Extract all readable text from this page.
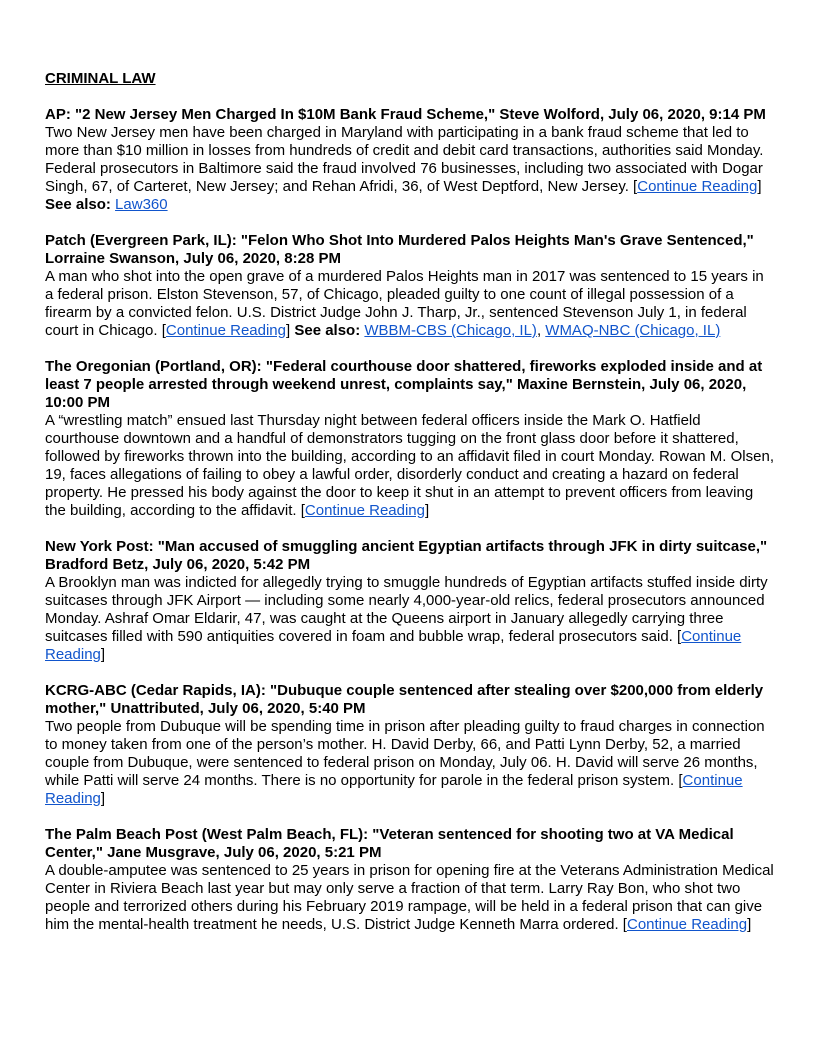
CRIMINAL LAW
AP: "2 New Jersey Men Charged In $10M Bank Fraud Scheme," Steve Wolford, July 06, 2020, 9:14 PM
Two New Jersey men have been charged in Maryland with participating in a bank fraud scheme that led to more than $10 million in losses from hundreds of credit and debit card transactions, authorities said Monday. Federal prosecutors in Baltimore said the fraud involved 76 businesses, including two associated with Dogar Singh, 67, of Carteret, New Jersey; and Rehan Afridi, 36, of West Deptford, New Jersey. [Continue Reading] See also: Law360
Patch (Evergreen Park, IL): "Felon Who Shot Into Murdered Palos Heights Man's Grave Sentenced," Lorraine Swanson, July 06, 2020, 8:28 PM
A man who shot into the open grave of a murdered Palos Heights man in 2017 was sentenced to 15 years in a federal prison. Elston Stevenson, 57, of Chicago, pleaded guilty to one count of illegal possession of a firearm by a convicted felon. U.S. District Judge John J. Tharp, Jr., sentenced Stevenson July 1, in federal court in Chicago. [Continue Reading] See also: WBBM-CBS (Chicago, IL), WMAQ-NBC (Chicago, IL)
The Oregonian (Portland, OR): "Federal courthouse door shattered, fireworks exploded inside and at least 7 people arrested through weekend unrest, complaints say," Maxine Bernstein, July 06, 2020, 10:00 PM
A “wrestling match” ensued last Thursday night between federal officers inside the Mark O. Hatfield courthouse downtown and a handful of demonstrators tugging on the front glass door before it shattered, followed by fireworks thrown into the building, according to an affidavit filed in court Monday. Rowan M. Olsen, 19, faces allegations of failing to obey a lawful order, disorderly conduct and creating a hazard on federal property. He pressed his body against the door to keep it shut in an attempt to prevent officers from leaving the building, according to the affidavit. [Continue Reading]
New York Post: "Man accused of smuggling ancient Egyptian artifacts through JFK in dirty suitcase," Bradford Betz, July 06, 2020, 5:42 PM
A Brooklyn man was indicted for allegedly trying to smuggle hundreds of Egyptian artifacts stuffed inside dirty suitcases through JFK Airport — including some nearly 4,000-year-old relics, federal prosecutors announced Monday. Ashraf Omar Eldarir, 47, was caught at the Queens airport in January allegedly carrying three suitcases filled with 590 antiquities covered in foam and bubble wrap, federal prosecutors said. [Continue Reading]
KCRG-ABC (Cedar Rapids, IA): "Dubuque couple sentenced after stealing over $200,000 from elderly mother," Unattributed, July 06, 2020, 5:40 PM
Two people from Dubuque will be spending time in prison after pleading guilty to fraud charges in connection to money taken from one of the person’s mother. H. David Derby, 66, and Patti Lynn Derby, 52, a married couple from Dubuque, were sentenced to federal prison on Monday, July 06. H. David will serve 26 months, while Patti will serve 24 months. There is no opportunity for parole in the federal prison system. [Continue Reading]
The Palm Beach Post (West Palm Beach, FL): "Veteran sentenced for shooting two at VA Medical Center," Jane Musgrave, July 06, 2020, 5:21 PM
A double-amputee was sentenced to 25 years in prison for opening fire at the Veterans Administration Medical Center in Riviera Beach last year but may only serve a fraction of that term. Larry Ray Bon, who shot two people and terrorized others during his February 2019 rampage, will be held in a federal prison that can give him the mental-health treatment he needs, U.S. District Judge Kenneth Marra ordered. [Continue Reading]
